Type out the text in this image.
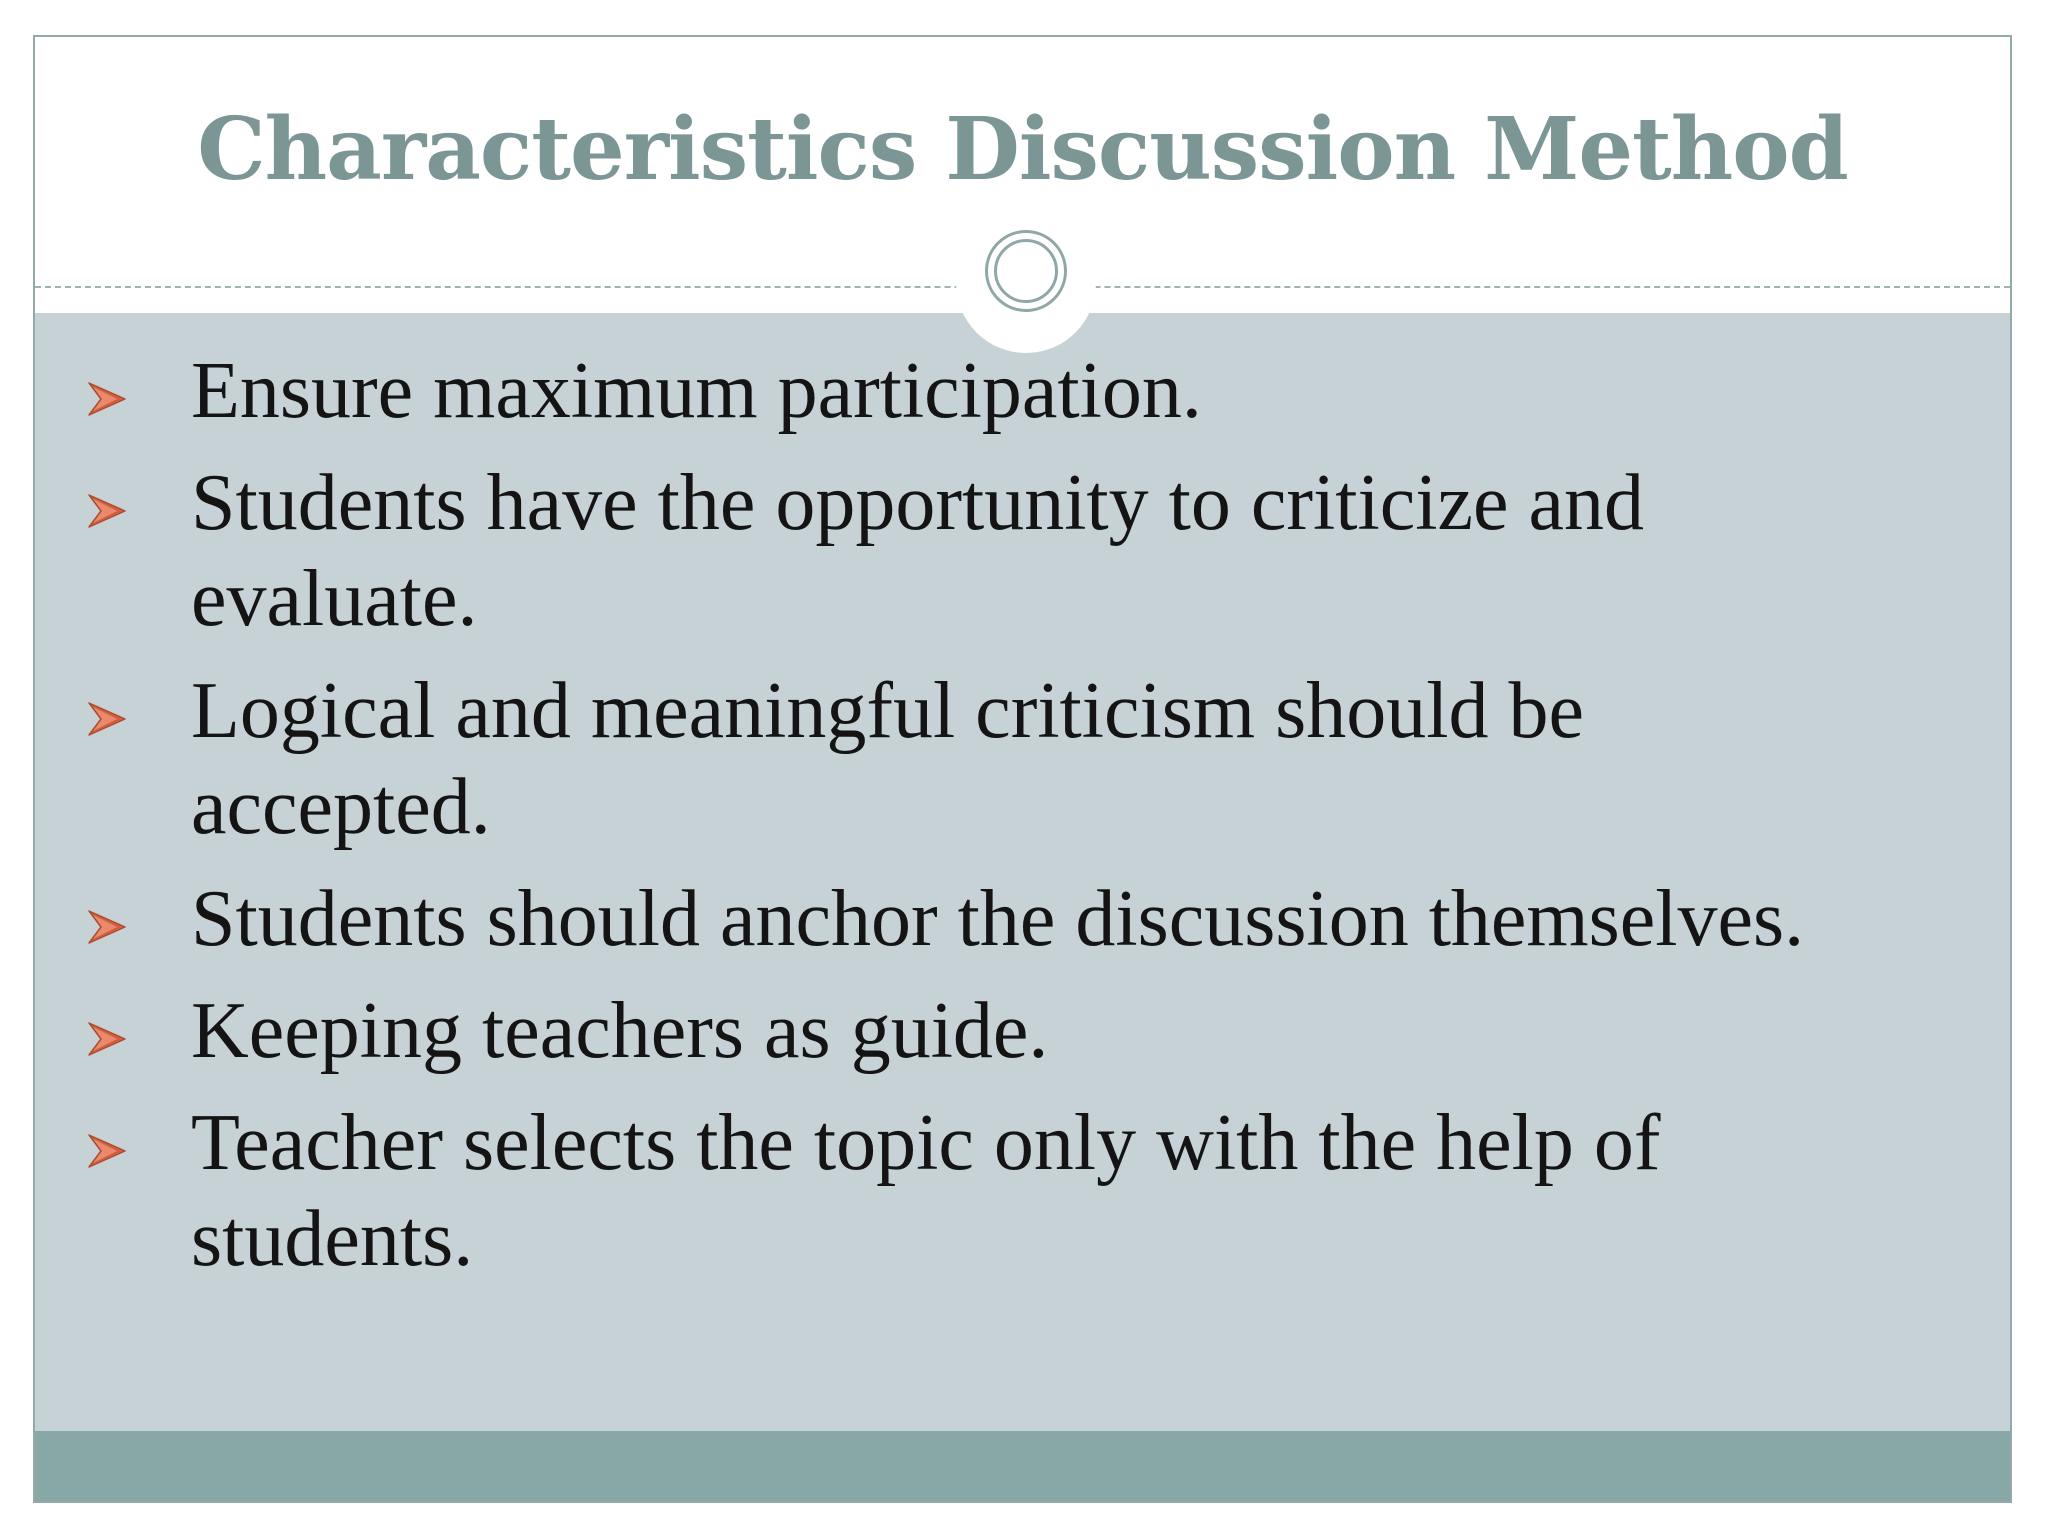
Characteristics Discussion Method
Ensure maximum participation.
Students have the opportunity to criticize and evaluate.
Logical and meaningful criticism should be accepted.
Students should anchor the discussion themselves.
Keeping teachers as guide.
Teacher selects the topic only with the help of students.
